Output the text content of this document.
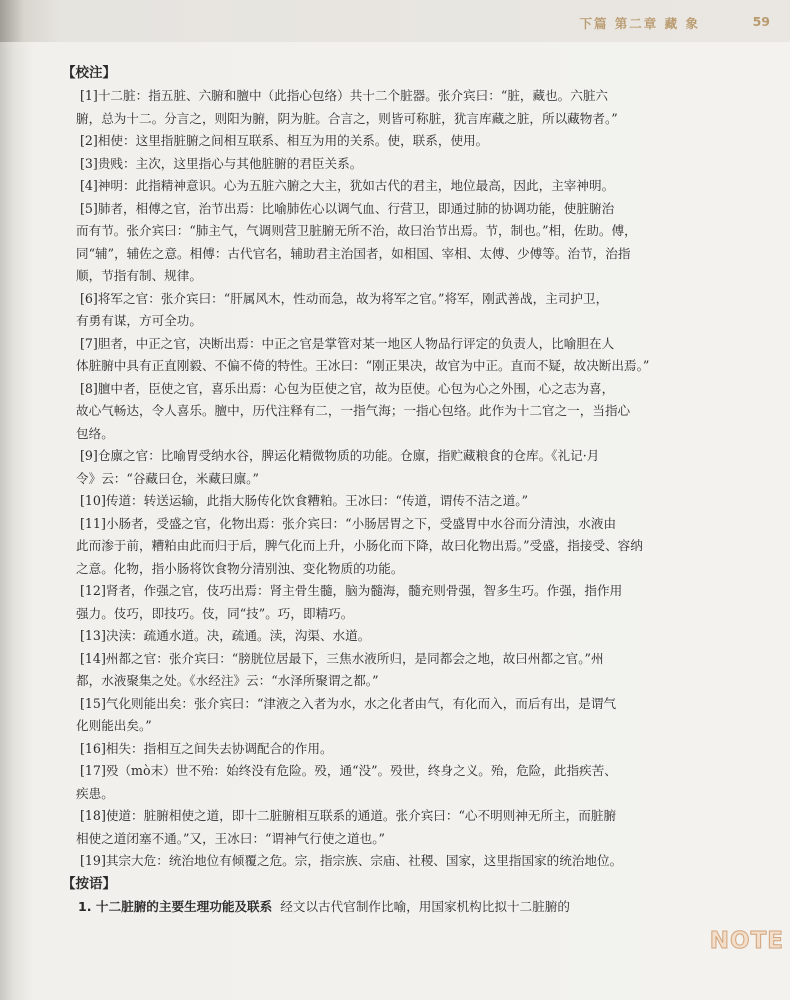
下篇 第二章 藏 象	59
【校注】

[1]十二脏：指五脏、六腑和膻中（此指心包络）共十二个脏器。张介宾曰：“脏，藏也。六脏六

腑，总为十二。分言之，则阳为腑，阴为脏。合言之，则皆可称脏，犹言库藏之脏，所以藏物者。”

[2]相使：这里指脏腑之间相互联系、相互为用的关系。使，联系，使用。

[3]贵贱：主次，这里指心与其他脏腑的君臣关系。

[4]神明：此指精神意识。心为五脏六腑之大主，犹如古代的君主，地位最高，因此，主宰神明。

[5]肺者，相傅之官，治节出焉：比喻肺佐心以调气血、行营卫，即通过肺的协调功能，使脏腑治

而有节。张介宾曰：“肺主气，气调则营卫脏腑无所不治，故曰治节出焉。节，制也。”相，佐助。傅，

同“辅”，辅佐之意。相傅：古代官名，辅助君主治国者，如相国、宰相、太傅、少傅等。治节，治指

顺，节指有制、规律。

[6]将军之官：张介宾曰：“肝属风木，性动而急，故为将军之官。”将军，刚武善战，主司护卫，

有勇有谋，方可全功。

[7]胆者，中正之官，决断出焉：中正之官是掌管对某一地区人物品行评定的负责人，比喻胆在人

体脏腑中具有正直刚毅、不偏不倚的特性。王冰曰：“刚正果决，故官为中正。直而不疑，故决断出焉。”

[8]膻中者，臣使之官，喜乐出焉：心包为臣使之官，故为臣使。心包为心之外围，心之志为喜，

故心气畅达，令人喜乐。膻中，历代注释有二，一指气海；一指心包络。此作为十二官之一，当指心

包络。

[9]仓廪之官：比喻胃受纳水谷，脾运化精微物质的功能。仓廪，指贮藏粮食的仓库。《礼记·月

令》云：“谷藏曰仓，米藏曰廪。”

[10]传道：转送运输，此指大肠传化饮食糟粕。王冰曰：“传道，谓传不洁之道。”

[11]小肠者，受盛之官，化物出焉：张介宾曰：“小肠居胃之下，受盛胃中水谷而分清浊，水液由

此而渗于前，糟粕由此而归于后，脾气化而上升，小肠化而下降，故曰化物出焉。”受盛，指接受、容纳

之意。化物，指小肠将饮食物分清别浊、变化物质的功能。

[12]肾者，作强之官，伎巧出焉：肾主骨生髓，脑为髓海，髓充则骨强，智多生巧。作强，指作用

强力。伎巧，即技巧。伎，同“技”。巧，即精巧。

[13]决渎：疏通水道。决，疏通。渎，沟渠、水道。

[14]州都之官：张介宾曰：“膀胱位居最下，三焦水液所归，是同都会之地，故曰州都之官。”州

都，水液聚集之处。《水经注》云：“水泽所聚谓之都。”

[15]气化则能出矣：张介宾曰：“津液之入者为水，水之化者由气，有化而入，而后有出，是谓气

化则能出矣。”

[16]相失：指相互之间失去协调配合的作用。

[17]殁（mò末）世不殆：始终没有危险。殁，通“没”。殁世，终身之义。殆，危险，此指疾苦、

疾患。

[18]使道：脏腑相使之道，即十二脏腑相互联系的通道。张介宾曰：“心不明则神无所主，而脏腑

相使之道闭塞不通。”又，王冰曰：“谓神气行使之道也。”

[19]其宗大危：统治地位有倾覆之危。宗，指宗族、宗庙、社稷、国家，这里指国家的统治地位。

【按语】

1. 十二脏腑的主要生理功能及联系 经文以古代官制作比喻，用国家机构比拟十二脏腑的

NOTE
